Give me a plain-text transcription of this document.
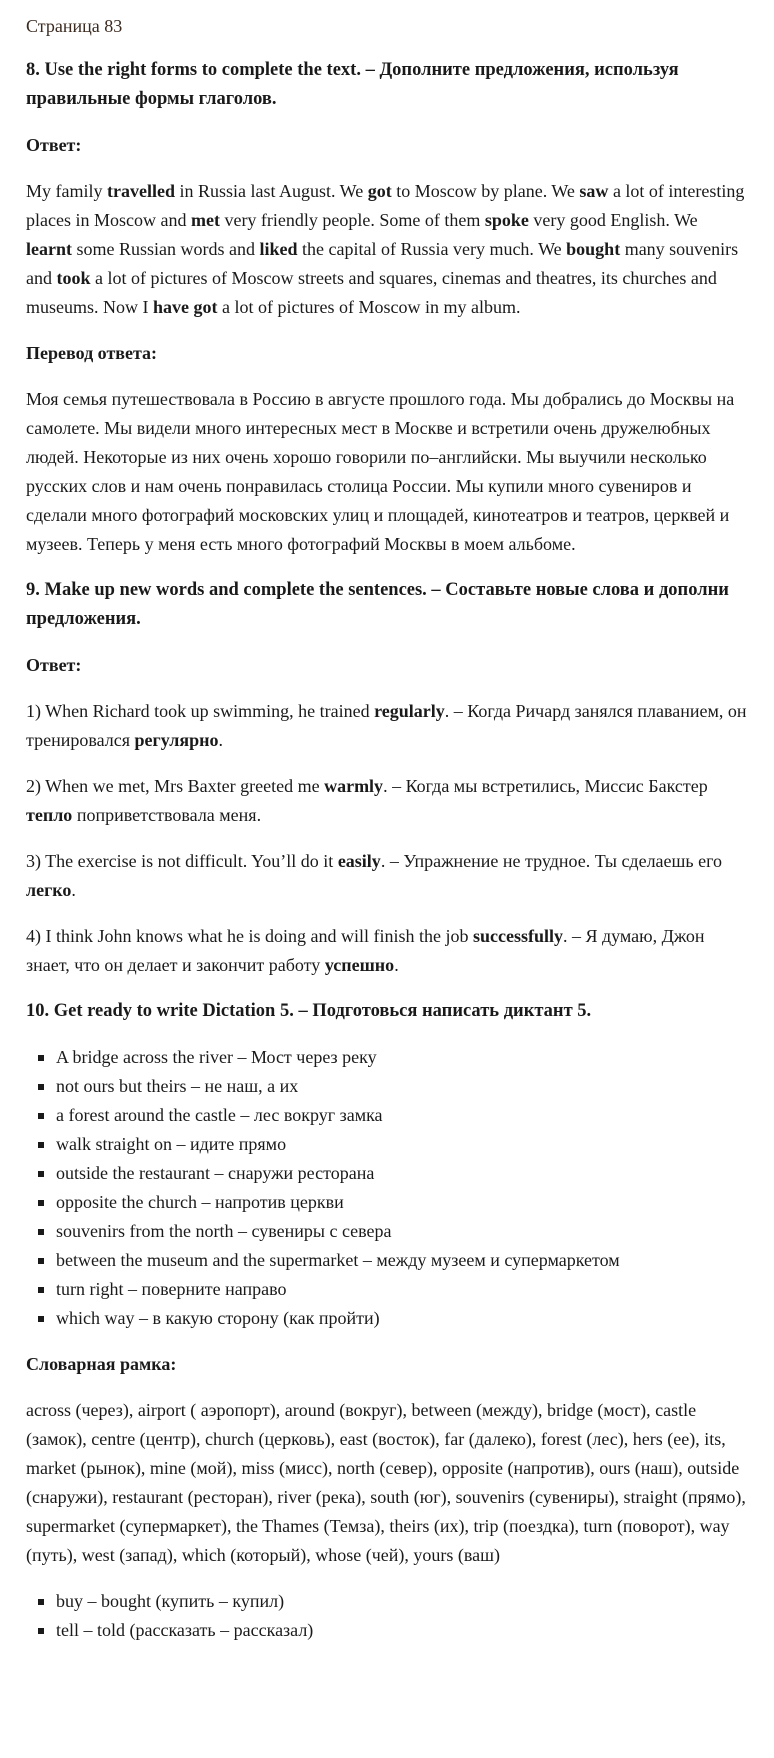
Страница 83
8. Use the right forms to complete the text. – Дополните предложения, используя правильные формы глаголов.

Ответ:

My family travelled in Russia last August. We got to Moscow by plane. We saw a lot of interesting places in Moscow and met very friendly people. Some of them spoke very good English. We learnt some Russian words and liked the capital of Russia very much. We bought many souvenirs and took a lot of pictures of Moscow streets and squares, cinemas and theatres, its churches and museums. Now I have got a lot of pictures of Moscow in my album.

Перевод ответа:

Моя семья путешествовала в Россию в августе прошлого года. Мы добрались до Москвы на самолете. Мы видели много интересных мест в Москве и встретили очень дружелюбных людей. Некоторые из них очень хорошо говорили по–английски. Мы выучили несколько русских слов и нам очень понравилась столица России. Мы купили много сувениров и сделали много фотографий московских улиц и площадей, кинотеатров и театров, церквей и музеев. Теперь у меня есть много фотографий Москвы в моем альбоме.

9. Make up new words and complete the sentences. – Составьте новые слова и дополни предложения.

Ответ:

1) When Richard took up swimming, he trained regularly. – Когда Ричард занялся плаванием, он тренировался регулярно.

2) When we met, Mrs Baxter greeted me warmly. – Когда мы встретились, Миссис Бакстер тепло поприветствовала меня.

3) The exercise is not difficult. You’ll do it easily. – Упражнение не трудное. Ты сделаешь его легко.

4) I think John knows what he is doing and will finish the job successfully. – Я думаю, Джон знает, что он делает и закончит работу успешно.

10. Get ready to write Dictation 5. – Подготовься написать диктант 5.
A bridge across the river – Мост через реку
not ours but theirs – не наш, а их
a forest around the castle – лес вокруг замка
walk straight on – идите прямо
outside the restaurant – снаружи ресторана
opposite the church – напротив церкви
souvenirs from the north – сувениры с севера
between the museum and the supermarket – между музеем и супермаркетом
turn right – поверните направо
which way – в какую сторону (как пройти)

Словарная рамка:

across (через), airport ( аэропорт), around (вокруг), between (между), bridge (мост), castle (замок), centre (центр), church (церковь), east (восток), far (далеко), forest (лес), hers (ее), its, market (рынок), mine (мой), miss (мисс), north (север), opposite (напротив), ours (наш), outside (снаружи), restaurant (ресторан), river (река), south (юг), souvenirs (сувениры), straight (прямо), supermarket (супермаркет), the Thames (Темза), theirs (их), trip (поездка), turn (поворот), way (путь), west (запад), which (который), whose (чей), yours (ваш)

buy – bought (купить – купил)
tell – told (рассказать – рассказал)
